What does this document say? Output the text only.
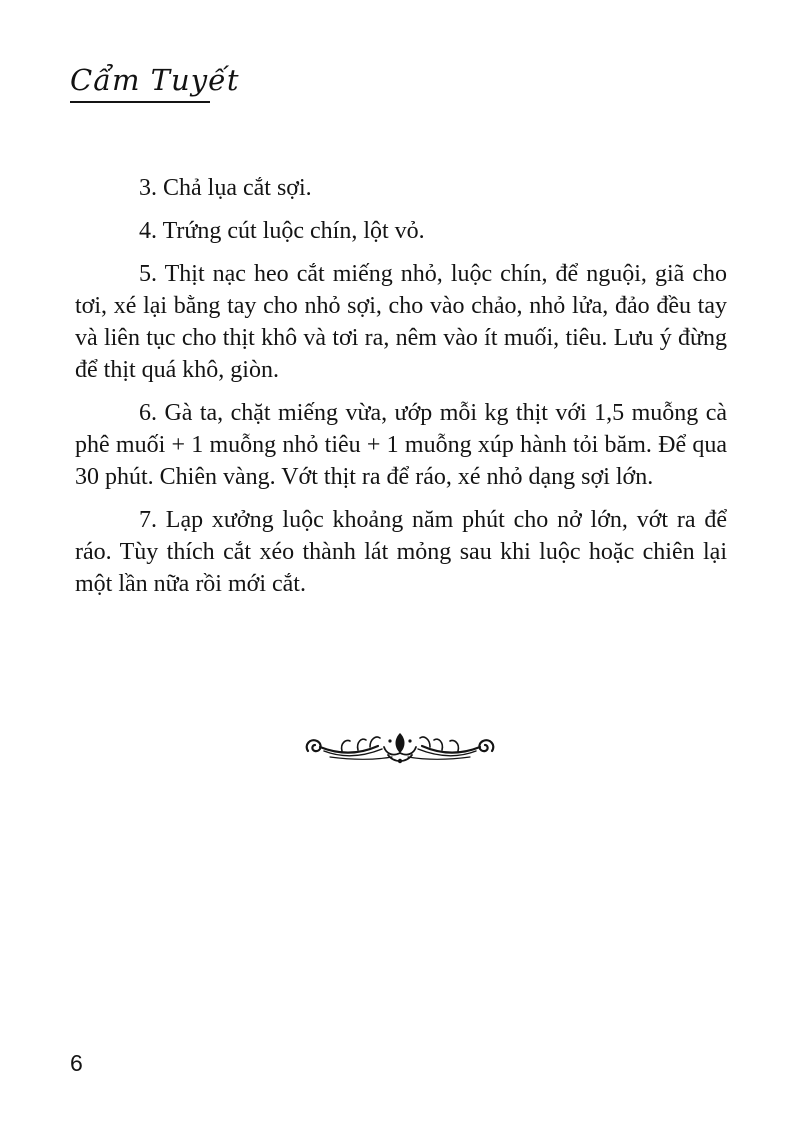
Cẩm Tuyết

3. Chả lụa cắt sợi.

4. Trứng cút luộc chín, lột vỏ.

5. Thịt nạc heo cắt miếng nhỏ, luộc chín, để nguội, giã cho tơi, xé lại bằng tay cho nhỏ sợi, cho vào chảo, nhỏ lửa, đảo đều tay và liên tục cho thịt khô và tơi ra, nêm vào ít muối, tiêu. Lưu ý đừng để thịt quá khô, giòn.

6. Gà ta, chặt miếng vừa, ướp mỗi kg thịt với 1,5 muỗng cà phê muối + 1 muỗng nhỏ tiêu + 1 muỗng xúp hành tỏi băm. Để qua 30 phút. Chiên vàng. Vớt thịt ra để ráo, xé nhỏ dạng sợi lớn.

7. Lạp xưởng luộc khoảng năm phút cho nở lớn, vớt ra để ráo. Tùy thích cắt xéo thành lát mỏng sau khi luộc hoặc chiên lại một lần nữa rồi mới cắt.

6
